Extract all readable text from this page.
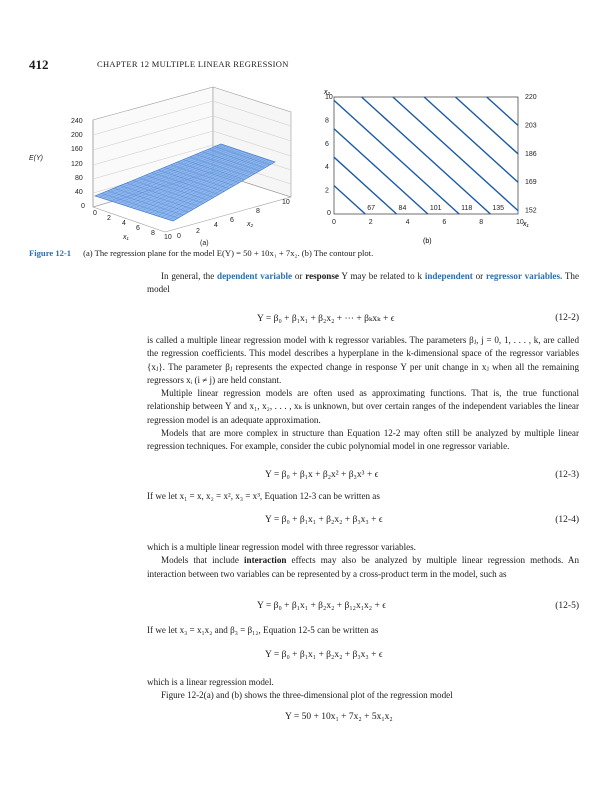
412	CHAPTER 12 MULTIPLE LINEAR REGRESSION
E(Y)
240
200
160
120
80
40
0
0
2
4
6
8
10
x₁	0
2
4
6
8
10
x₂
(a)
220
203
186
169
152
67	84	101	118	135
0	2	4	6	8	10
2
4
6
8
10
0
x₂
x₁
(b)
Figure 12-1 (a) The regression plane for the model E(Y) = 50 + 10x₁ + 7x₂. (b) The contour plot.

In general, the dependent variable or response Y may be related to k independent or regressor variables. The model

Y = β₀ + β₁x₁ + β₂x₂ + ⋯ + βₖxₖ + ϵ	(12-2)

is called a multiple linear regression model with k regressor variables. The parameters βⱼ, j = 0, 1, . . . , k, are called the regression coefficients. This model describes a hyperplane in the k-dimensional space of the regressor variables {xⱼ}. The parameter βⱼ represents the expected change in response Y per unit change in xⱼ when all the remaining regressors xᵢ (i ≠ j) are held constant.

Multiple linear regression models are often used as approximating functions. That is, the true functional relationship between Y and x₁, x₂, . . . , xₖ is unknown, but over certain ranges of the independent variables the linear regression model is an adequate approximation.

Models that are more complex in structure than Equation 12-2 may often still be analyzed by multiple linear regression techniques. For example, consider the cubic polynomial model in one regressor variable.

Y = β₀ + β₁x + β₂x² + β₃x³ + ϵ	(12-3)

If we let x₁ = x, x₂ = x², x₃ = x³, Equation 12-3 can be written as

Y = β₀ + β₁x₁ + β₂x₂ + β₃x₃ + ϵ	(12-4)

which is a multiple linear regression model with three regressor variables.

Models that include interaction effects may also be analyzed by multiple linear regression methods. An interaction between two variables can be represented by a cross-product term in the model, such as

Y = β₀ + β₁x₁ + β₂x₂ + β₁₂x₁x₂ + ϵ	(12-5)

If we let x₃ = x₁x₂ and β₃ = β₁₂, Equation 12-5 can be written as

Y = β₀ + β₁x₁ + β₂x₂ + β₃x₃ + ϵ

which is a linear regression model.

Figure 12-2(a) and (b) shows the three-dimensional plot of the regression model

Y = 50 + 10x₁ + 7x₂ + 5x₁x₂
